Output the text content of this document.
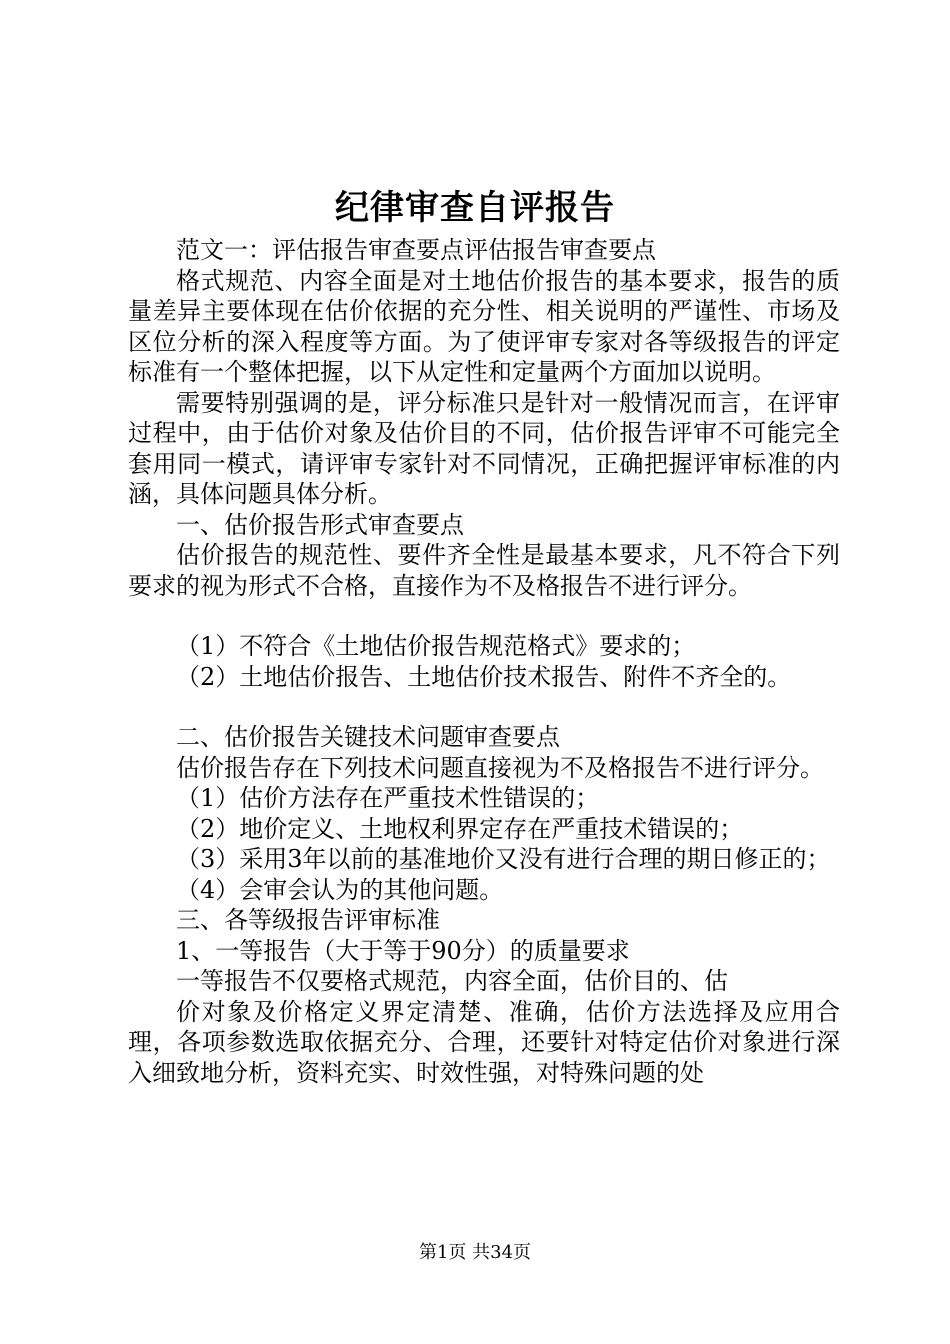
纪律审查自评报告

范文一：评估报告审查要点评估报告审查要点

格式规范、内容全面是对土地估价报告的基本要求，报告的质量差异主要体现在估价依据的充分性、相关说明的严谨性、市场及区位分析的深入程度等方面。为了使评审专家对各等级报告的评定标准有一个整体把握，以下从定性和定量两个方面加以说明。

需要特别强调的是，评分标准只是针对一般情况而言，在评审过程中，由于估价对象及估价目的不同，估价报告评审不可能完全套用同一模式，请评审专家针对不同情况，正确把握评审标准的内涵，具体问题具体分析。

一、估价报告形式审查要点

估价报告的规范性、要件齐全性是最基本要求，凡不符合下列要求的视为形式不合格，直接作为不及格报告不进行评分。

（1）不符合《土地估价报告规范格式》要求的；

（2）土地估价报告、土地估价技术报告、附件不齐全的。

二、估价报告关键技术问题审查要点

估价报告存在下列技术问题直接视为不及格报告不进行评分。

（1）估价方法存在严重技术性错误的；

（2）地价定义、土地权利界定存在严重技术错误的；

（3）采用3年以前的基准地价又没有进行合理的期日修正的；

（4）会审会认为的其他问题。

三、各等级报告评审标准

1、一等报告（大于等于90分）的质量要求

一等报告不仅要格式规范，内容全面，估价目的、估

价对象及价格定义界定清楚、准确，估价方法选择及应用合理，各项参数选取依据充分、合理，还要针对特定估价对象进行深入细致地分析，资料充实、时效性强，对特殊问题的处

第1页 共34页
